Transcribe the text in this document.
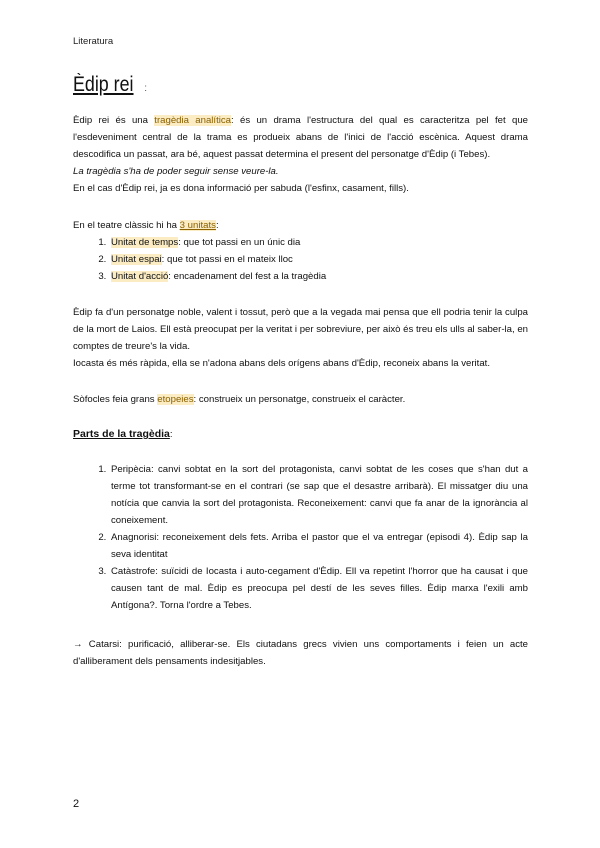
Literatura
Èdip rei :

Èdip rei és una tragèdia analítica: és un drama l'estructura del qual es caracteritza pel fet que l'esdeveniment central de la trama es produeix abans de l'inici de l'acció escènica. Aquest drama descodifica un passat, ara bé, aquest passat determina el present del personatge d'Èdip (i Tebes).

La tragèdia s'ha de poder seguir sense veure-la.

En el cas d'Èdip rei, ja es dona informació per sabuda (l'esfinx, casament, fills).

En el teatre clàssic hi ha 3 unitats:

1. Unitat de temps: que tot passi en un únic dia
2. Unitat espai: que tot passi en el mateix lloc
3. Unitat d'acció: encadenament del fest a la tragèdia

Èdip fa d'un personatge noble, valent i tossut, però que a la vegada mai pensa que ell podria tenir la culpa de la mort de Laios. Ell està preocupat per la veritat i per sobreviure, per això és treu els ulls al saber-la, en comptes de treure's la vida.

Iocasta és més ràpida, ella se n'adona abans dels orígens abans d'Èdip, reconeix abans la veritat.

Sòfocles feia grans etopeies: construeix un personatge, construeix el caràcter.

Parts de la tragèdia:
1. Peripècia: canvi sobtat en la sort del protagonista, canvi sobtat de les coses que s'han dut a terme tot transformant-se en el contrari (se sap que el desastre arribarà). El missatger diu una notícia que canvia la sort del protagonista. Reconeixement: canvi que fa anar de la ignorància al coneixement.
2. Anagnorisi: reconeixement dels fets. Arriba el pastor que el va entregar (episodi 4). Èdip sap la seva identitat
3. Catàstrofe: suïcidi de Iocasta i auto-cegament d'Èdip. Ell va repetint l'horror que ha causat i que causen tant de mal. Èdip es preocupa pel destí de les seves filles. Èdip marxa l'exili amb Antígona?. Torna l'ordre a Tebes.

→ Catarsi: purificació, alliberar-se. Els ciutadans grecs vivien uns comportaments i feien un acte d'alliberament dels pensaments indesitjables.

2
